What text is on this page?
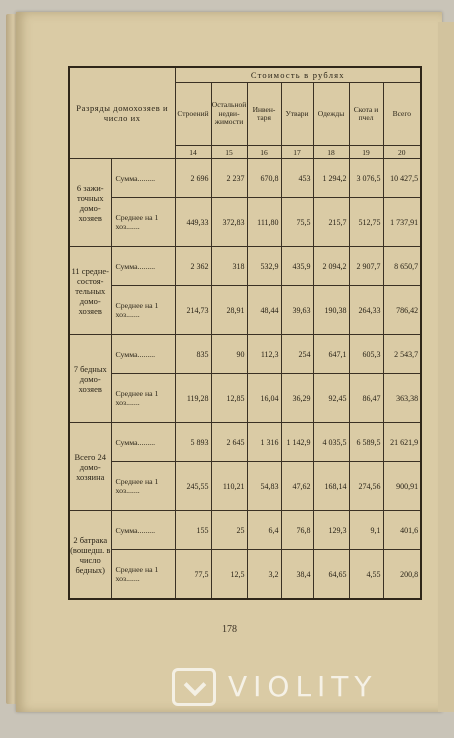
Разряды домохозяев и число их		Стоимость в рублях						
		Строений	Остальной недвижимости	Инвентаря	Утвари	Одежды	Скота и пчел	Всего
		14	15	16	17	18	19	20
6 зажиточных домохозяев	Сумма.........	2 696	2 237	670,8	453	1 294,2	3 076,5	10 427,5
	Среднее на 1 хоз.......	449,33	372,83	111,80	75,5	215,7	512,75	1 737,91
11 среднесостоятельных домохозяев	Сумма.........	2 362	318	532,9	435,9	2 094,2	2 907,7	8 650,7
	Среднее на 1 хоз.......	214,73	28,91	48,44	39,63	190,38	264,33	786,42
7 бедных домохозяев	Сумма.........	835	90	112,3	254	647,1	605,3	2 543,7
	Среднее на 1 хоз.......	119,28	12,85	16,04	36,29	92,45	86,47	363,38
Всего 24 домохозяина	Сумма.........	5 893	2 645	1 316	1 142,9	4 035,5	6 589,5	21 621,9
	Среднее на 1 хоз.......	245,55	110,21	54,83	47,62	168,14	274,56	900,91
2 батрака (вошедш. в число бедных)	Сумма.........	155	25	6,4	76,8	129,3	9,1	401,6
	Среднее на 1 хоз.......	77,5	12,5	3,2	38,4	64,65	4,55	200,8
178
VIOLITY
